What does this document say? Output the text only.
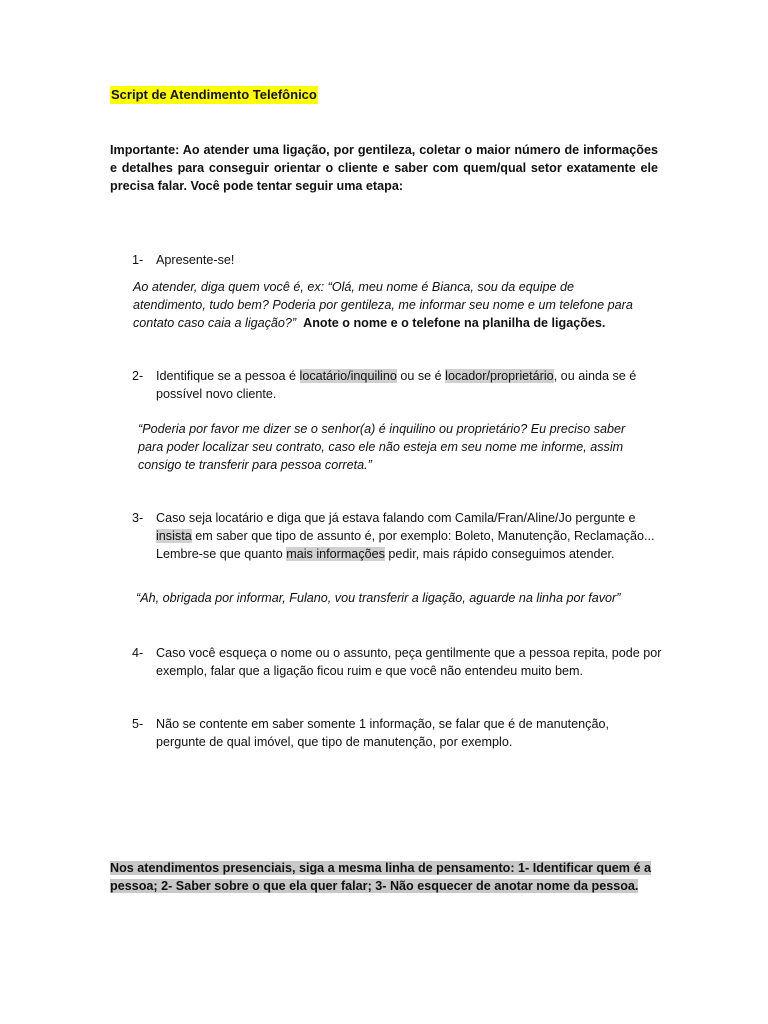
Script de Atendimento Telefônico
Importante: Ao atender uma ligação, por gentileza, coletar o maior número de informações e detalhes para conseguir orientar o cliente e saber com quem/qual setor exatamente ele precisa falar. Você pode tentar seguir uma etapa:
1- Apresente-se!
Ao atender, diga quem você é, ex: “Olá, meu nome é Bianca, sou da equipe de atendimento, tudo bem? Poderia por gentileza, me informar seu nome e um telefone para contato caso caia a ligação?” Anote o nome e o telefone na planilha de ligações.
2- Identifique se a pessoa é locatário/inquilino ou se é locador/proprietário, ou ainda se é possível novo cliente.
“Poderia por favor me dizer se o senhor(a) é inquilino ou proprietário? Eu preciso saber para poder localizar seu contrato, caso ele não esteja em seu nome me informe, assim consigo te transferir para pessoa correta.”
3- Caso seja locatário e diga que já estava falando com Camila/Fran/Aline/Jo pergunte e insista em saber que tipo de assunto é, por exemplo: Boleto, Manutenção, Reclamação... Lembre-se que quanto mais informações pedir, mais rápido conseguimos atender.
“Ah, obrigada por informar, Fulano, vou transferir a ligação, aguarde na linha por favor”
4- Caso você esqueça o nome ou o assunto, peça gentilmente que a pessoa repita, pode por exemplo, falar que a ligação ficou ruim e que você não entendeu muito bem.
5- Não se contente em saber somente 1 informação, se falar que é de manutenção, pergunte de qual imóvel, que tipo de manutenção, por exemplo.
Nos atendimentos presenciais, siga a mesma linha de pensamento: 1- Identificar quem é a pessoa; 2- Saber sobre o que ela quer falar; 3- Não esquecer de anotar nome da pessoa.
